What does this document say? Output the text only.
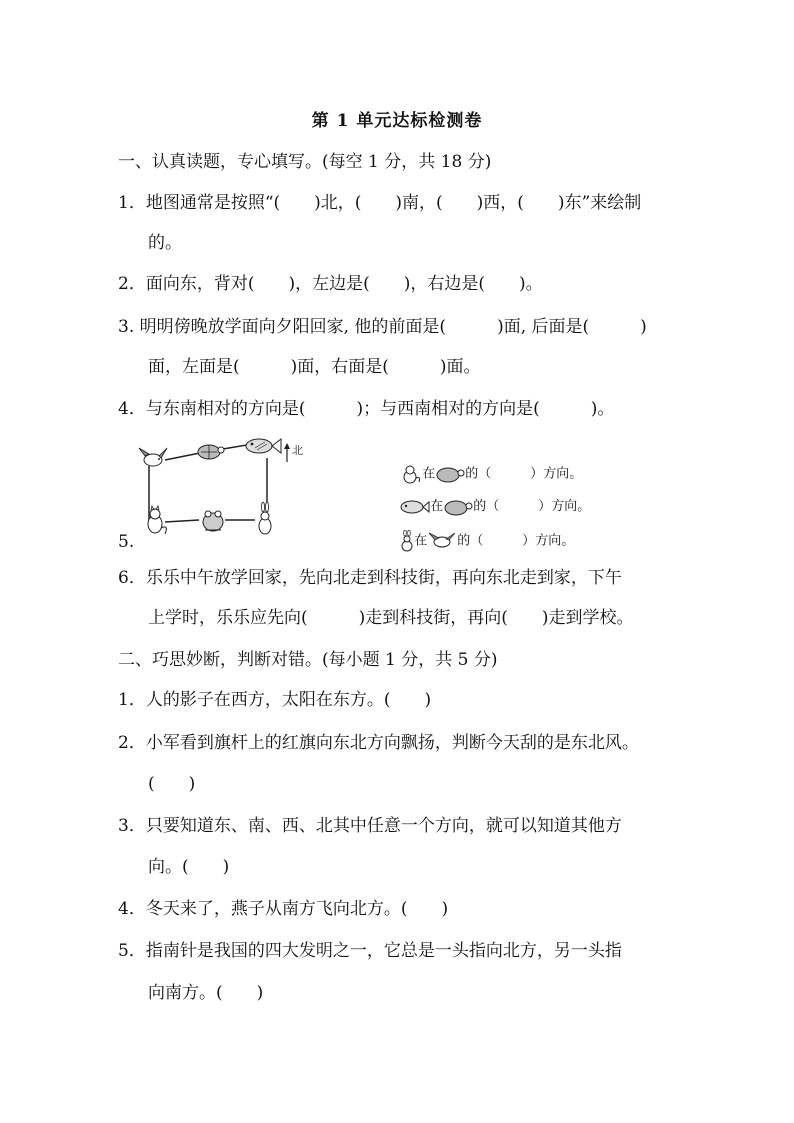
第 1 单元达标检测卷
一、认真读题，专心填写。(每空 1 分，共 18 分)
1．地图通常是按照“(　　)北，(　　)南，(　　)西，(　　)东”来绘制
的。
2．面向东，背对(　　)，左边是(　　)，右边是(　　)。
3. 明明傍晚放学面向夕阳回家, 他的前面是(　　　)面, 后面是(　　　)
面，左面是(　　　)面，右面是(　　　)面。
4．与东南相对的方向是(　　　)；与西南相对的方向是(　　　)。
北
5.

在 的（　　　）方向。

在 的（　　　）方向。

在 的（　　　）方向。

6．乐乐中午放学回家，先向北走到科技街，再向东北走到家，下午
上学时，乐乐应先向(　　　)走到科技街，再向(　　)走到学校。
二、巧思妙断，判断对错。(每小题 1 分，共 5 分)
1．人的影子在西方，太阳在东方。(　　)
2．小军看到旗杆上的红旗向东北方向飘扬，判断今天刮的是东北风。
(　　)
3．只要知道东、南、西、北其中任意一个方向，就可以知道其他方
向。(　　)
4．冬天来了，燕子从南方飞向北方。(　　)
5．指南针是我国的四大发明之一，它总是一头指向北方，另一头指
向南方。(　　)
